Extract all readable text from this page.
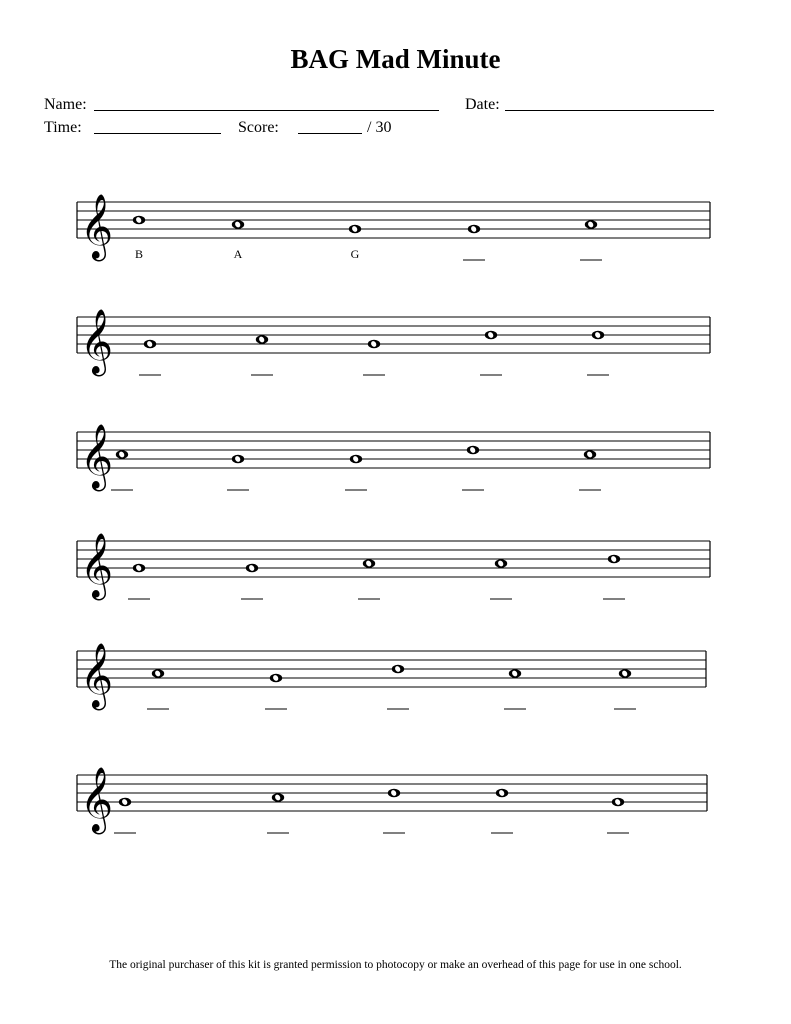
BAG Mad Minute
Name:	Date:
Time:	Score:	/ 30
𝄞 B	A	G
𝄞
𝄞
𝄞
𝄞
𝄞

The original purchaser of this kit is granted permission to photocopy or make an overhead of this page for use in one school.
